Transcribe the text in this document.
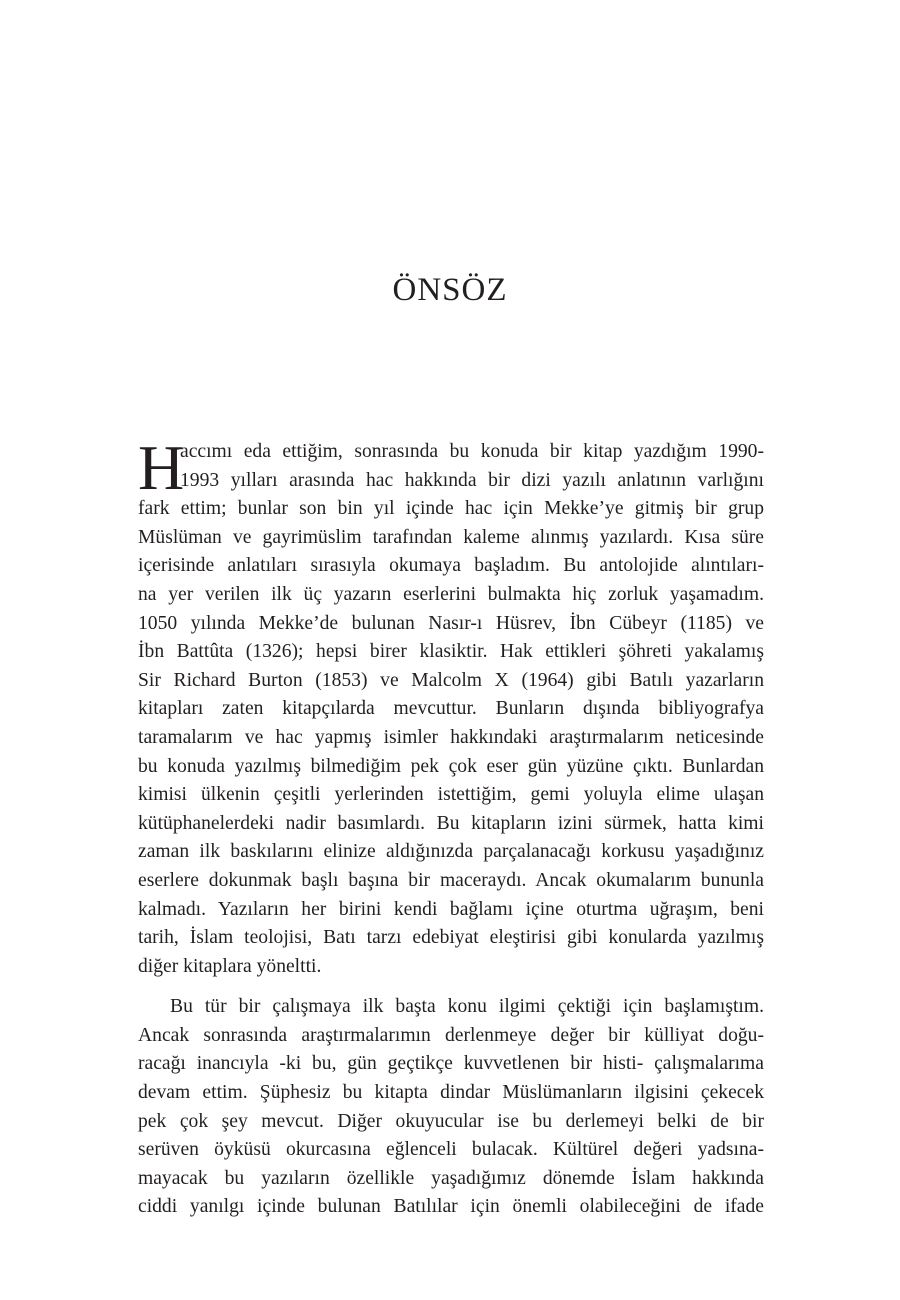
ÖNSÖZ
H
accımı eda ettiğim, sonrasında bu konuda bir kitap yazdığım 1990-
1993 yılları arasında hac hakkında bir dizi yazılı anlatının varlığını
fark ettim; bunlar son bin yıl içinde hac için Mekke’ye gitmiş bir grup
Müslüman ve gayrimüslim tarafından kaleme alınmış yazılardı. Kısa süre
içerisinde anlatıları sırasıyla okumaya başladım. Bu antolojide alıntıları-
na yer verilen ilk üç yazarın eserlerini bulmakta hiç zorluk yaşamadım.
1050 yılında Mekke’de bulunan Nasır-ı Hüsrev, İbn Cübeyr (1185) ve
İbn Battûta (1326); hepsi birer klasiktir. Hak ettikleri şöhreti yakalamış
Sir Richard Burton (1853) ve Malcolm X (1964) gibi Batılı yazarların
kitapları zaten kitapçılarda mevcuttur. Bunların dışında bibliyografya
taramalarım ve hac yapmış isimler hakkındaki araştırmalarım neticesinde
bu konuda yazılmış bilmediğim pek çok eser gün yüzüne çıktı. Bunlardan
kimisi ülkenin çeşitli yerlerinden istettiğim, gemi yoluyla elime ulaşan
kütüphanelerdeki nadir basımlardı. Bu kitapların izini sürmek, hatta kimi
zaman ilk baskılarını elinize aldığınızda parçalanacağı korkusu yaşadığınız
eserlere dokunmak başlı başına bir maceraydı. Ancak okumalarım bununla
kalmadı. Yazıların her birini kendi bağlamı içine oturtma uğraşım, beni
tarih, İslam teolojisi, Batı tarzı edebiyat eleştirisi gibi konularda yazılmış
diğer kitaplara yöneltti.
Bu tür bir çalışmaya ilk başta konu ilgimi çektiği için başlamıştım.
Ancak sonrasında araştırmalarımın derlenmeye değer bir külliyat doğu-
racağı inancıyla -ki bu, gün geçtikçe kuvvetlenen bir histi- çalışmalarıma
devam ettim. Şüphesiz bu kitapta dindar Müslümanların ilgisini çekecek
pek çok şey mevcut. Diğer okuyucular ise bu derlemeyi belki de bir
serüven öyküsü okurcasına eğlenceli bulacak. Kültürel değeri yadsına-
mayacak bu yazıların özellikle yaşadığımız dönemde İslam hakkında
ciddi yanılgı içinde bulunan Batılılar için önemli olabileceğini de ifade
